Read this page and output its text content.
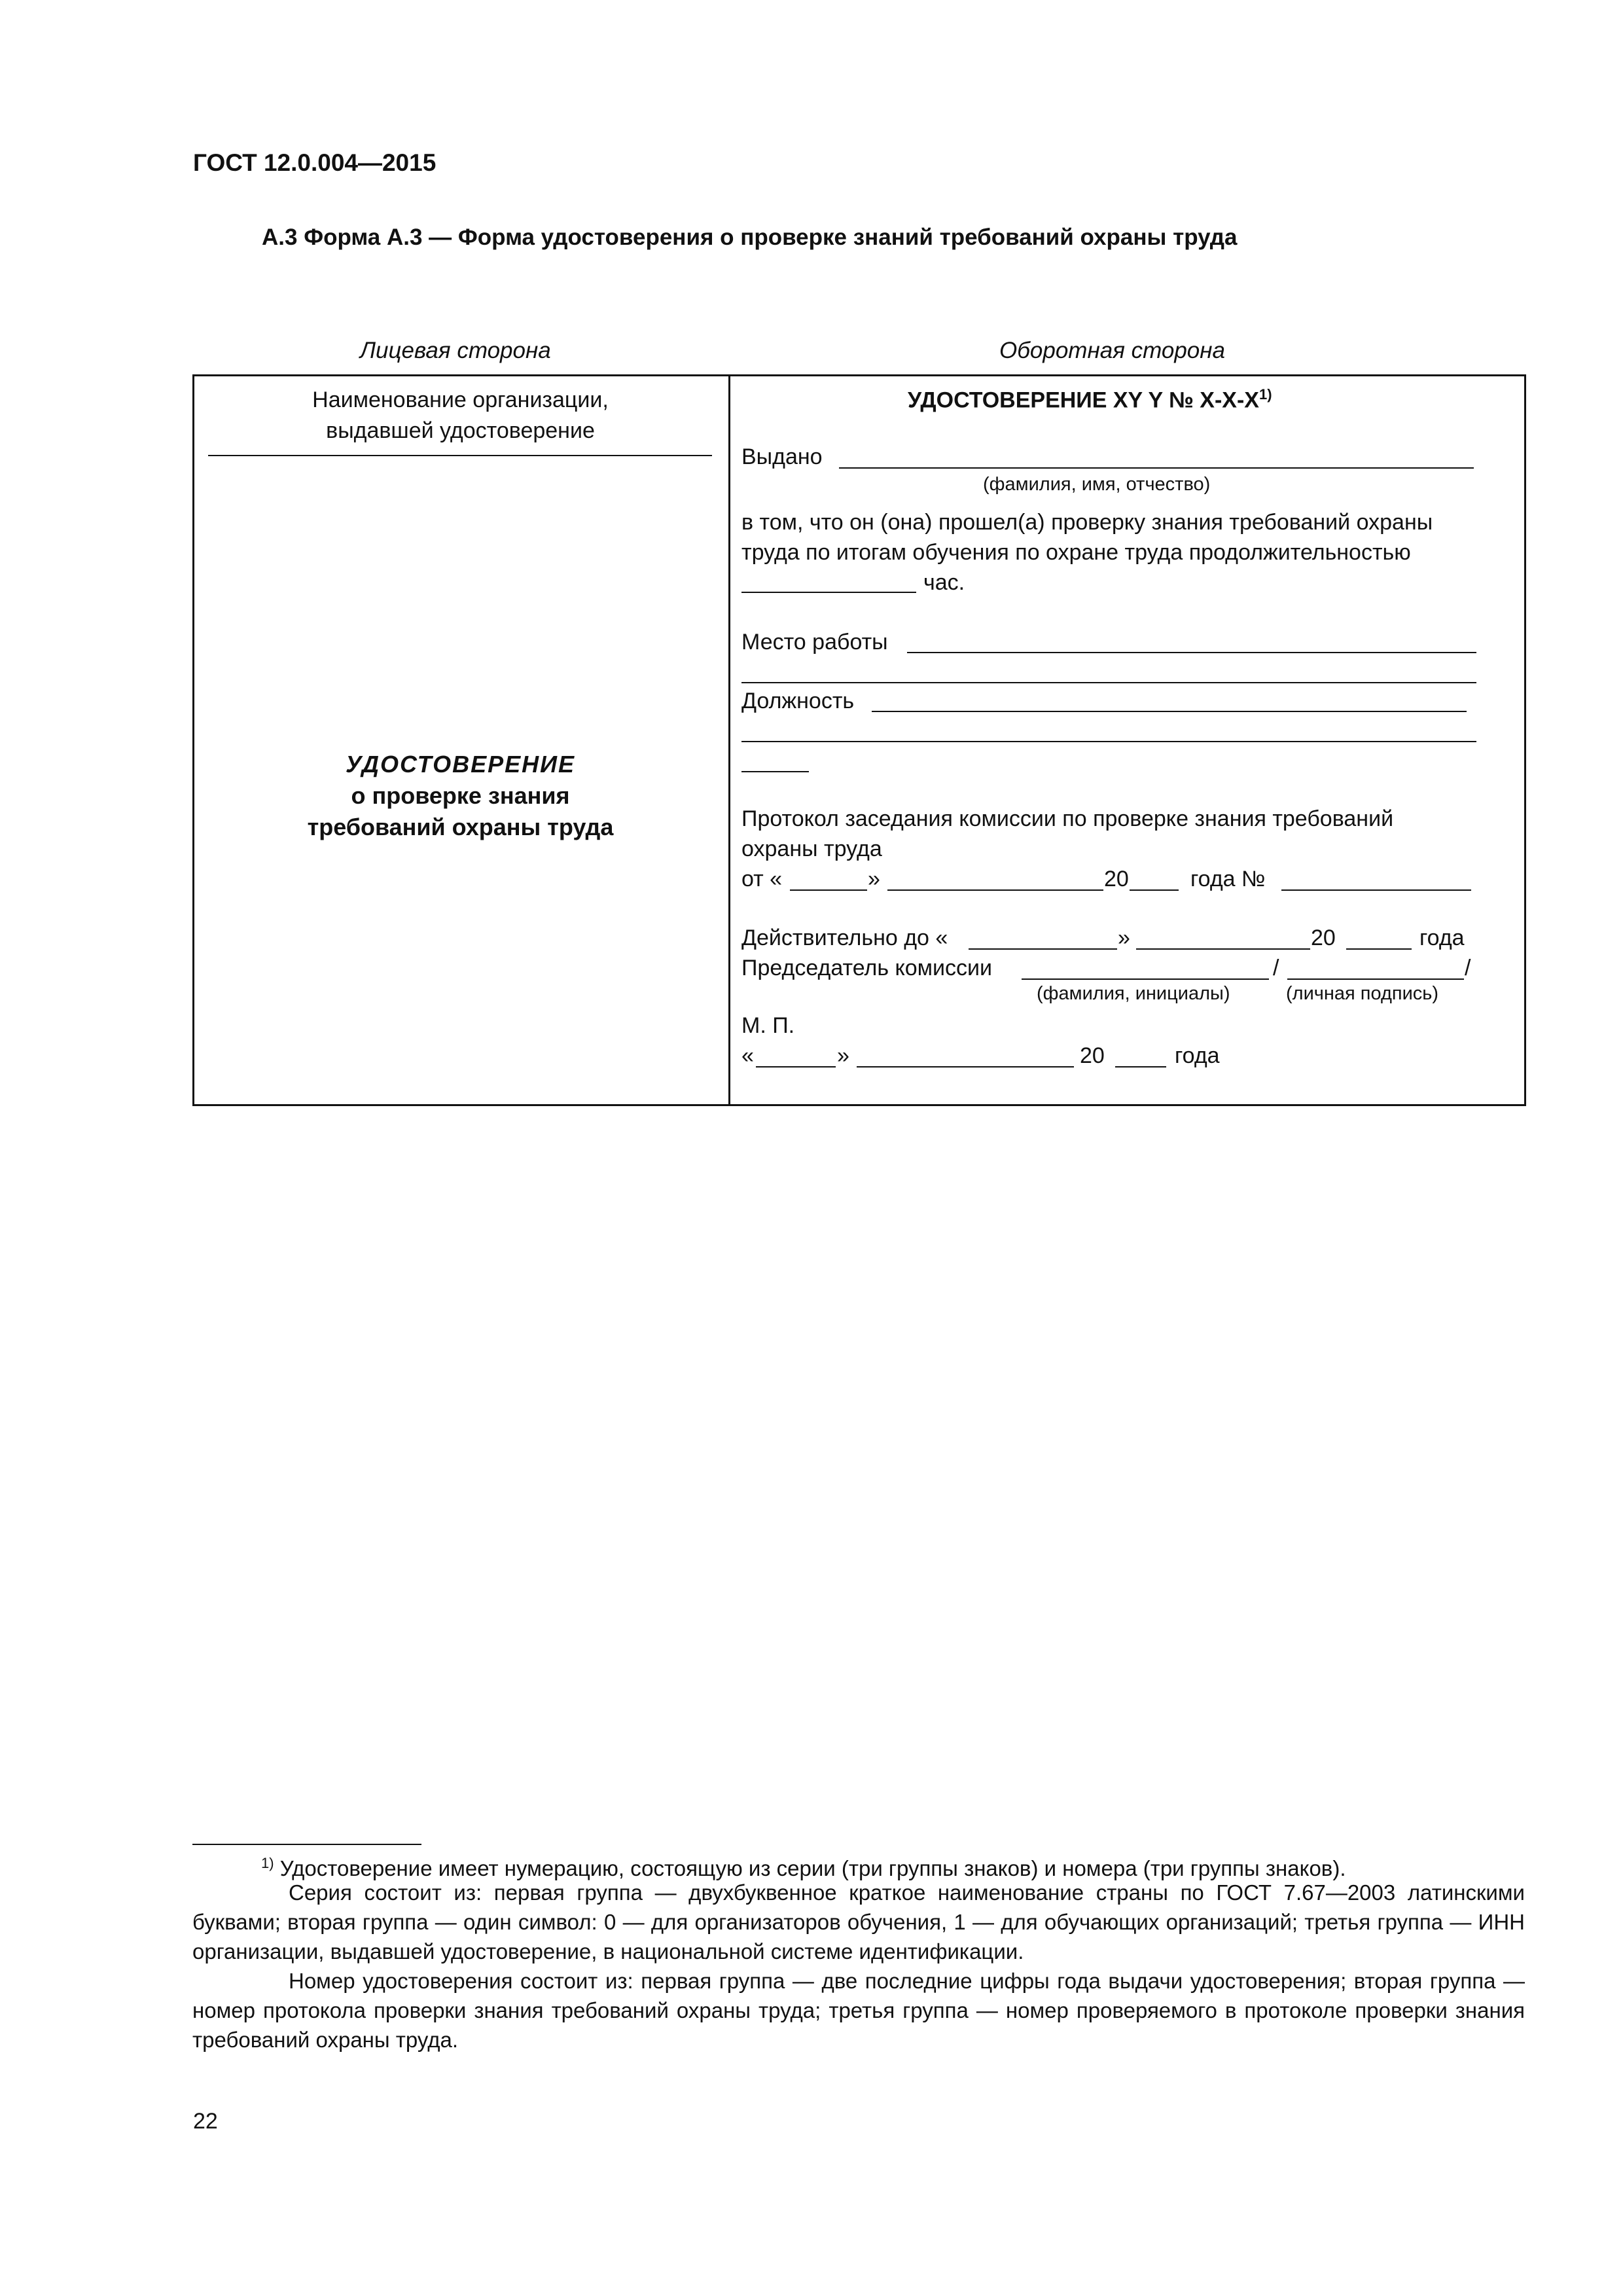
ГОСТ 12.0.004—2015
А.3 Форма А.3 — Форма удостоверения о проверке знаний требований охраны труда
Лицевая сторона	Оборотная сторона
Наименование организации,
выдавшей удостоверение
УДОСТОВЕРЕНИЕ
о проверке знания
требований охраны труда
УДОСТОВЕРЕНИЕ XY Y № $X-X-X^{1)}$
Выдано
(фамилия, имя, отчество)
в том, что он (она) прошел(а) проверку знания требований охраны
труда по итогам обучения по охране труда продолжительностью
час.
Место работы
Должность
Протокол заседания комиссии по проверке знания требований
охраны труда
от «	»	20	года №
Действительно до «	»	20	года
Председатель комиссии	/	/
(фамилия, инициалы)	(личная подпись)
М. П.
«	»	20	года
$^{1)}$ Удостоверение имеет нумерацию, состоящую из серии (три группы знаков) и номера (три группы знаков).
Серия состоит из: первая группа — двухбуквенное краткое наименование страны по ГОСТ 7.67—2003 латинскими буквами; вторая группа — один символ: 0 — для организаторов обучения, 1 — для обучающих организаций; третья группа — ИНН организации, выдавшей удостоверение, в национальной системе идентификации.
Номер удостоверения состоит из: первая группа — две последние цифры года выдачи удостоверения; вторая группа — номер протокола проверки знания требований охраны труда; третья группа — номер проверяемого в протоколе проверки знания требований охраны труда.
22
